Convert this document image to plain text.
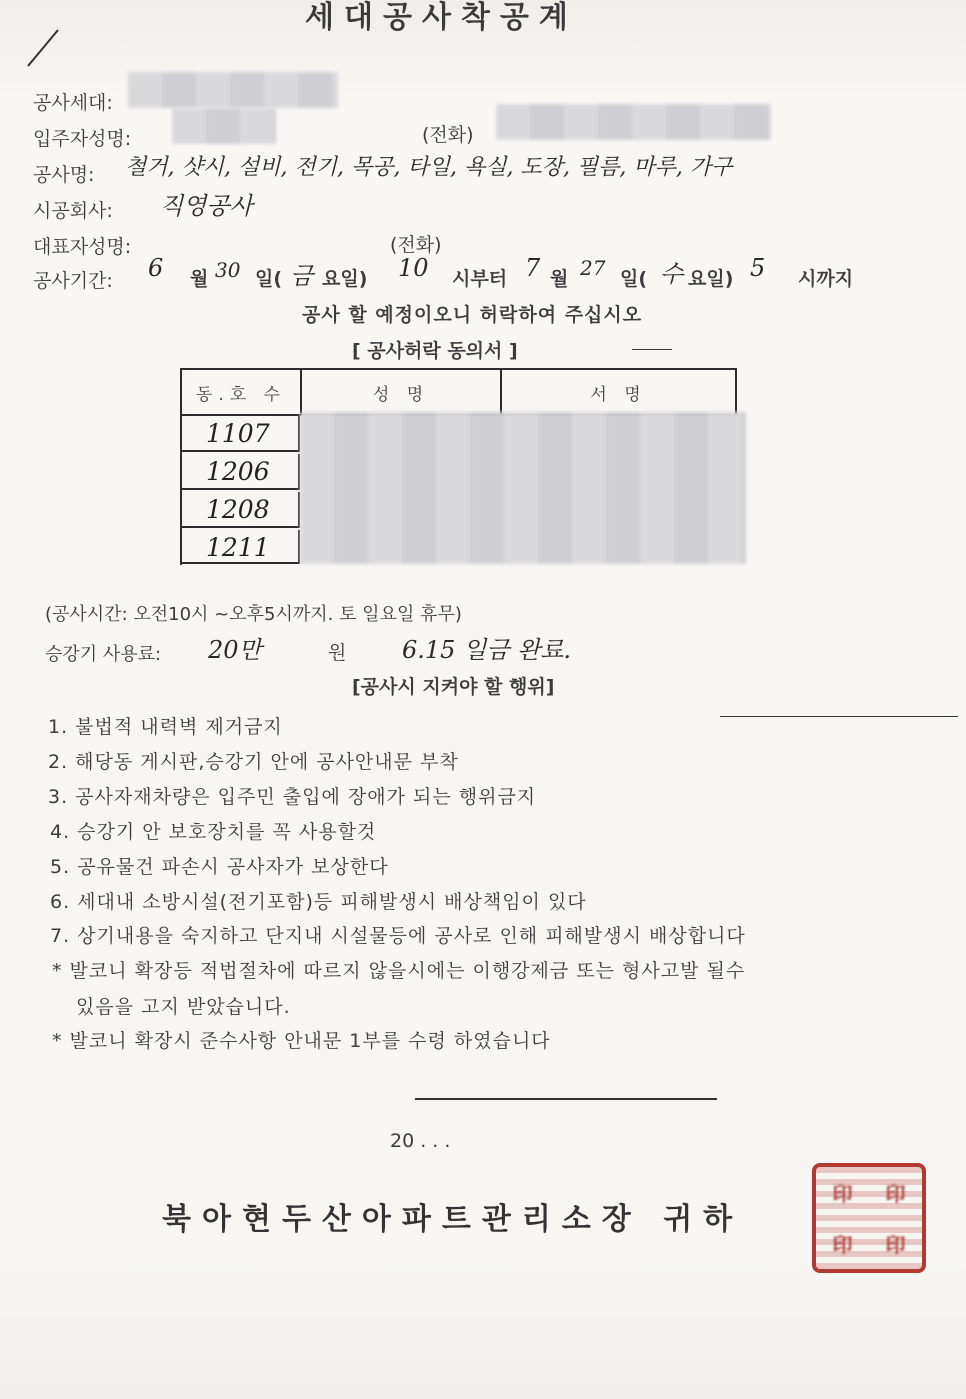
세대공사착공계
공사세대:
입주자성명:	(전화)
공사명: 철거, 샷시, 설비, 전기, 목공, 타일, 욕실, 도장, 필름, 마루, 가구
시공회사: 직영공사
대표자성명:	(전화)
공사기간: 6 월 30 일( 금 요일) 10 시부터 7 월 27 일( 수 요일) 5 시까지
공사 할 예정이오니 허락하여 주십시오
[ 공사허락 동의서 ]
동.호 수	성 명	서 명
1107
1206
1208
1211
(공사시간: 오전10시 ~오후5시까지. 토 일요일 휴무)
승강기 사용료: 20만	원 6.15 일금 완료.
[공사시 지켜야 할 행위]
1. 불법적 내력벽 제거금지
2. 해당동 게시판,승강기 안에 공사안내문 부착
3. 공사자재차량은 입주민 출입에 장애가 되는 행위금지
4. 승강기 안 보호장치를 꼭 사용할것
5. 공유물건 파손시 공사자가 보상한다
6. 세대내 소방시설(전기포함)등 피해발생시 배상책임이 있다
7. 상기내용을 숙지하고 단지내 시설물등에 공사로 인해 피해발생시 배상합니다
* 발코니 확장등 적법절차에 따르지 않을시에는 이행강제금 또는 형사고발 될수
있음을 고지 받았습니다.
* 발코니 확장시 준수사항 안내문 1부를 수령 하였습니다
20 . . .
북아현두산아파트관리소장 귀하
印	印
印	印
